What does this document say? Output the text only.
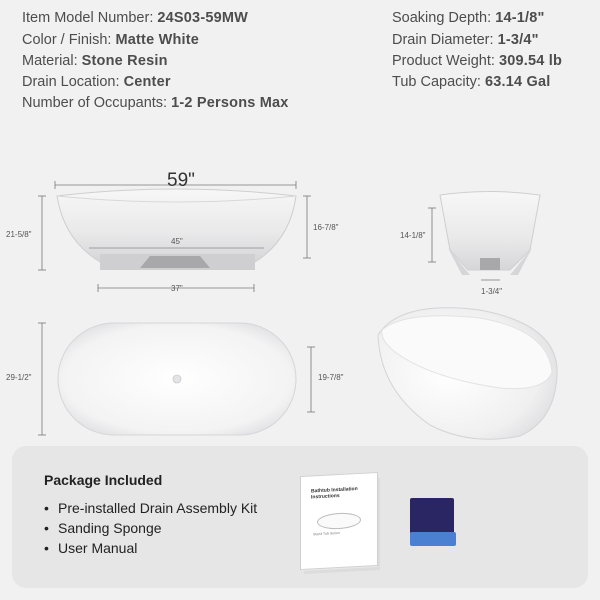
Item Model Number: 24S03-59MW
Color / Finish: Matte White
Material: Stone Resin
Drain Location: Center
Number of Occupants: 1-2 Persons Max
Soaking Depth: 14-1/8"
Drain Diameter: 1-3/4"
Product Weight: 309.54 lb
Tub Capacity: 63.14 Gal
59"
21-5/8"
45"
16-7/8"
37"
14-1/8"
1-3/4"
29-1/2"	19-7/8"
Package Included
• Pre-installed Drain Assembly Kit
• Sanding Sponge
• User Manual
Bathtub Installation Instructions
Stand Tub Series
